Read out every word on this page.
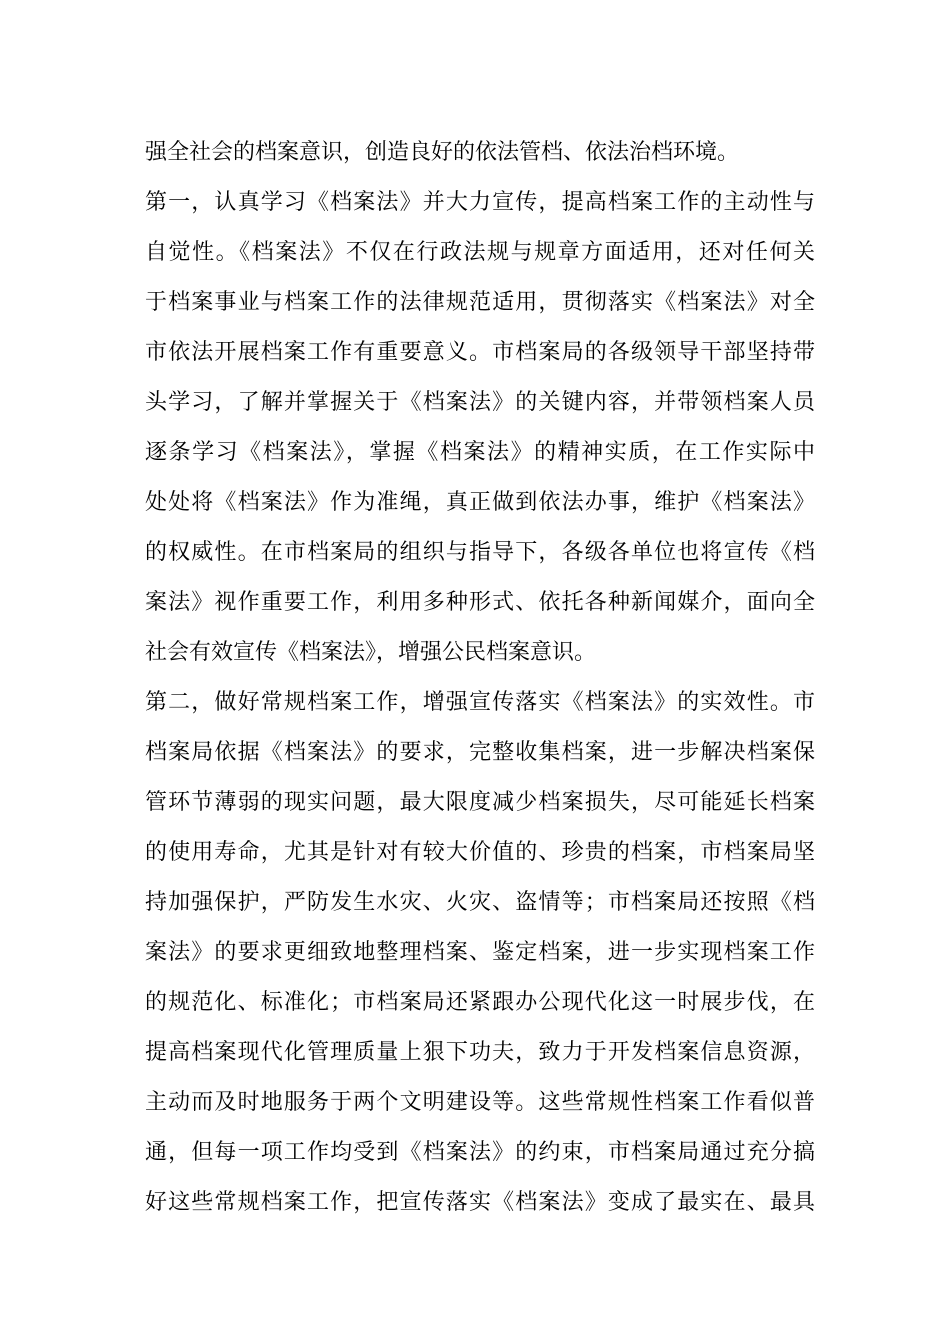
强全社会的档案意识，创造良好的依法管档、依法治档环境。
第一，认真学习《档案法》并大力宣传，提高档案工作的主动性与
自觉性。《档案法》不仅在行政法规与规章方面适用，还对任何关
于档案事业与档案工作的法律规范适用，贯彻落实《档案法》对全
市依法开展档案工作有重要意义。市档案局的各级领导干部坚持带
头学习，了解并掌握关于《档案法》的关键内容，并带领档案人员
逐条学习《档案法》，掌握《档案法》的精神实质，在工作实际中
处处将《档案法》作为准绳，真正做到依法办事，维护《档案法》
的权威性。在市档案局的组织与指导下，各级各单位也将宣传《档
案法》视作重要工作，利用多种形式、依托各种新闻媒介，面向全
社会有效宣传《档案法》，增强公民档案意识。
第二，做好常规档案工作，增强宣传落实《档案法》的实效性。市
档案局依据《档案法》的要求，完整收集档案，进一步解决档案保
管环节薄弱的现实问题，最大限度减少档案损失，尽可能延长档案
的使用寿命，尤其是针对有较大价值的、珍贵的档案，市档案局坚
持加强保护，严防发生水灾、火灾、盗情等；市档案局还按照《档
案法》的要求更细致地整理档案、鉴定档案，进一步实现档案工作
的规范化、标准化；市档案局还紧跟办公现代化这一时展步伐，在
提高档案现代化管理质量上狠下功夫，致力于开发档案信息资源，
主动而及时地服务于两个文明建设等。这些常规性档案工作看似普
通，但每一项工作均受到《档案法》的约束，市档案局通过充分搞
好这些常规档案工作，把宣传落实《档案法》变成了最实在、最具
